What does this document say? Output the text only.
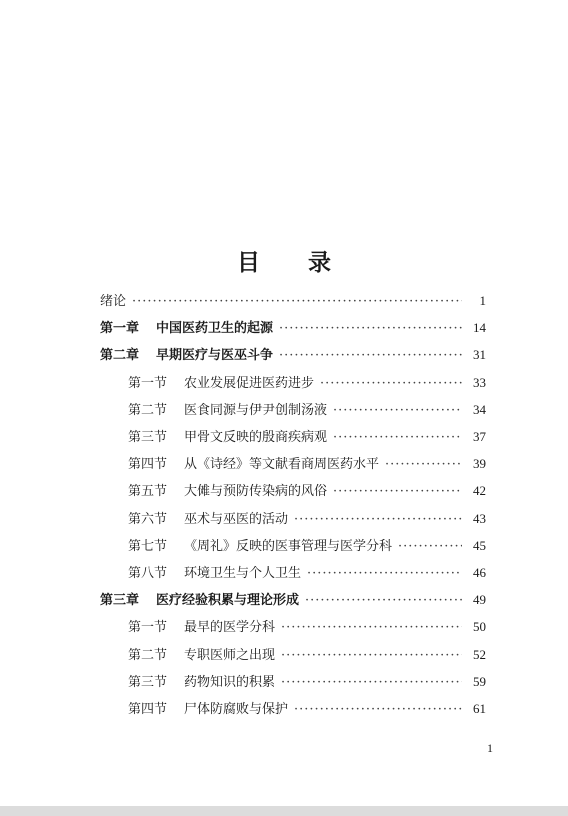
目 录
绪论 ·····	1
第一章	中国医药卫生的起源 ·····	14
第二章	早期医疗与医巫斗争 ·····	31
第一节	农业发展促进医药进步 ·····	33
第二节	医食同源与伊尹创制汤液 ·····	34
第三节	甲骨文反映的殷商疾病观 ·····	37
第四节	从《诗经》等文献看商周医药水平 ·····	39
第五节	大傩与预防传染病的风俗 ·····	42
第六节	巫术与巫医的活动 ·····	43
第七节	《周礼》反映的医事管理与医学分科 ·····	45
第八节	环境卫生与个人卫生 ·····	46
第三章	医疗经验积累与理论形成 ·····	49
第一节	最早的医学分科 ·····	50
第二节	专职医师之出现 ·····	52
第三节	药物知识的积累 ·····	59
第四节	尸体防腐败与保护 ·····	61
1
